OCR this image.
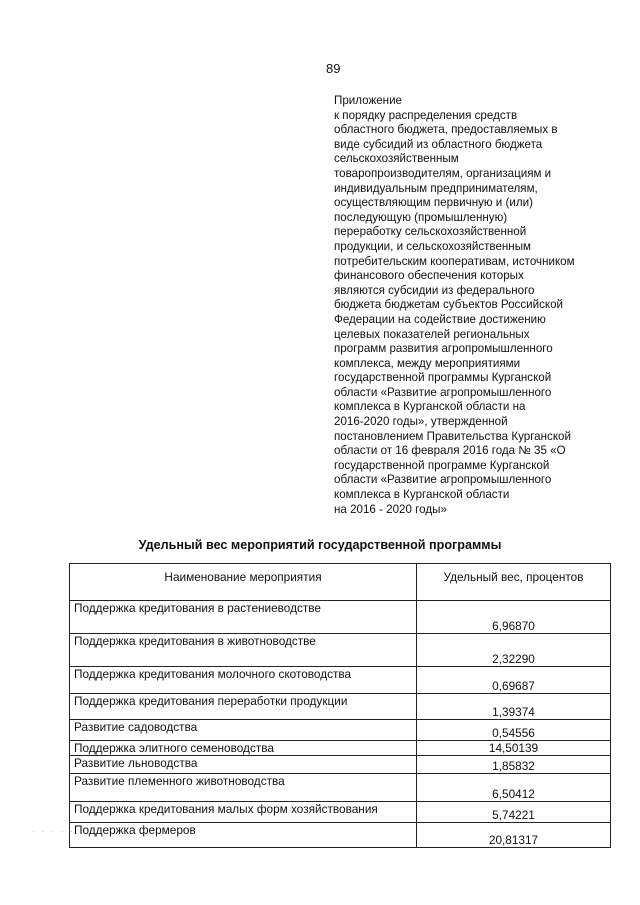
89
Приложение
к порядку распределения средств
областного бюджета, предоставляемых в
виде субсидий из областного бюджета
сельскохозяйственным
товаропроизводителям, организациям и
индивидуальным предпринимателям,
осуществляющим первичную и (или)
последующую (промышленную)
переработку сельскохозяйственной
продукции, и сельскохозяйственным
потребительским кооперативам, источником
финансового обеспечения которых
являются субсидии из федерального
бюджета бюджетам субъектов Российской
Федерации на содействие достижению
целевых показателей региональных
программ развития агропромышленного
комплекса, между мероприятиями
государственной программы Курганской
области «Развитие агропромышленного
комплекса в Курганской области на
2016-2020 годы», утвержденной
постановлением Правительства Курганской
области от 16 февраля 2016 года № 35 «О
государственной программе Курганской
области «Развитие агропромышленного
комплекса в Курганской области
на 2016 - 2020 годы»
Удельный вес мероприятий государственной программы
Наименование мероприятия	Удельный вес, процентов
Поддержка кредитования в растениеводстве	6,96870
Поддержка кредитования в животноводстве	2,32290
Поддержка кредитования молочного скотоводства	0,69687
Поддержка кредитования переработки продукции	1,39374
Развитие садоводства	0,54556
Поддержка элитного семеноводства	14,50139
Развитие льноводства	1,85832
Развитие племенного животноводства	6,50412
Поддержка кредитования малых форм хозяйствования	5,74221
Поддержка фермеров	20,81317
· · · · ·
